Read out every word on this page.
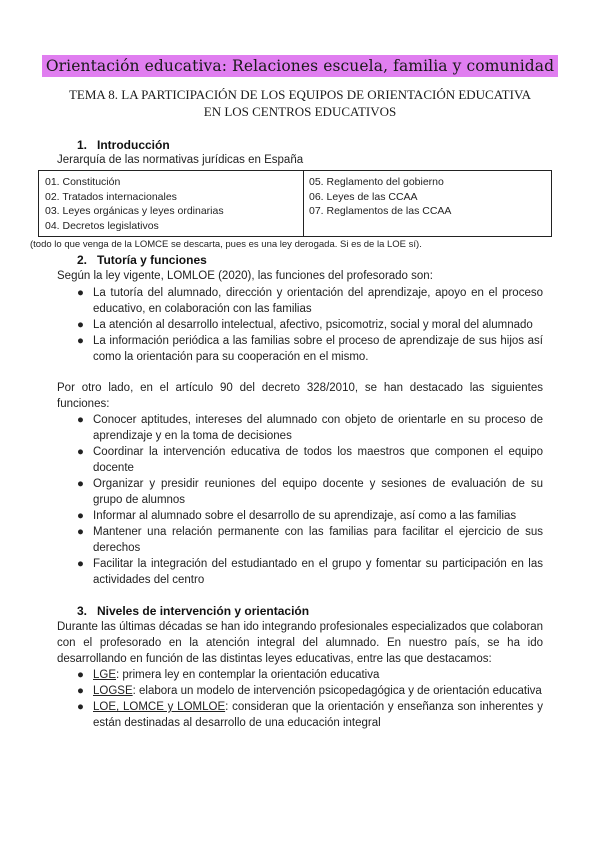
Orientación educativa: Relaciones escuela, familia y comunidad
TEMA 8. LA PARTICIPACIÓN DE LOS EQUIPOS DE ORIENTACIÓN EDUCATIVA EN LOS CENTROS EDUCATIVOS
1. Introducción
Jerarquía de las normativas jurídicas en España
01. Constitución
02. Tratados internacionales
03. Leyes orgánicas y leyes ordinarias
04. Decretos legislativos
05. Reglamento del gobierno
06. Leyes de las CCAA
07. Reglamentos de las CCAA
(todo lo que venga de la LOMCE se descarta, pues es una ley derogada. Si es de la LOE sí).
2. Tutoría y funciones
Según la ley vigente, LOMLOE (2020), las funciones del profesorado son:
● La tutoría del alumnado, dirección y orientación del aprendizaje, apoyo en el proceso educativo, en colaboración con las familias
● La atención al desarrollo intelectual, afectivo, psicomotriz, social y moral del alumnado
● La información periódica a las familias sobre el proceso de aprendizaje de sus hijos así como la orientación para su cooperación en el mismo.
Por otro lado, en el artículo 90 del decreto 328/2010, se han destacado las siguientes funciones:
● Conocer aptitudes, intereses del alumnado con objeto de orientarle en su proceso de aprendizaje y en la toma de decisiones
● Coordinar la intervención educativa de todos los maestros que componen el equipo docente
● Organizar y presidir reuniones del equipo docente y sesiones de evaluación de su grupo de alumnos
● Informar al alumnado sobre el desarrollo de su aprendizaje, así como a las familias
● Mantener una relación permanente con las familias para facilitar el ejercicio de sus derechos
● Facilitar la integración del estudiantado en el grupo y fomentar su participación en las actividades del centro
3. Niveles de intervención y orientación
Durante las últimas décadas se han ido integrando profesionales especializados que colaboran con el profesorado en la atención integral del alumnado. En nuestro país, se ha ido desarrollando en función de las distintas leyes educativas, entre las que destacamos:
● LGE: primera ley en contemplar la orientación educativa
● LOGSE: elabora un modelo de intervención psicopedagógica y de orientación educativa
● LOE, LOMCE y LOMLOE: consideran que la orientación y enseñanza son inherentes y están destinadas al desarrollo de una educación integral
